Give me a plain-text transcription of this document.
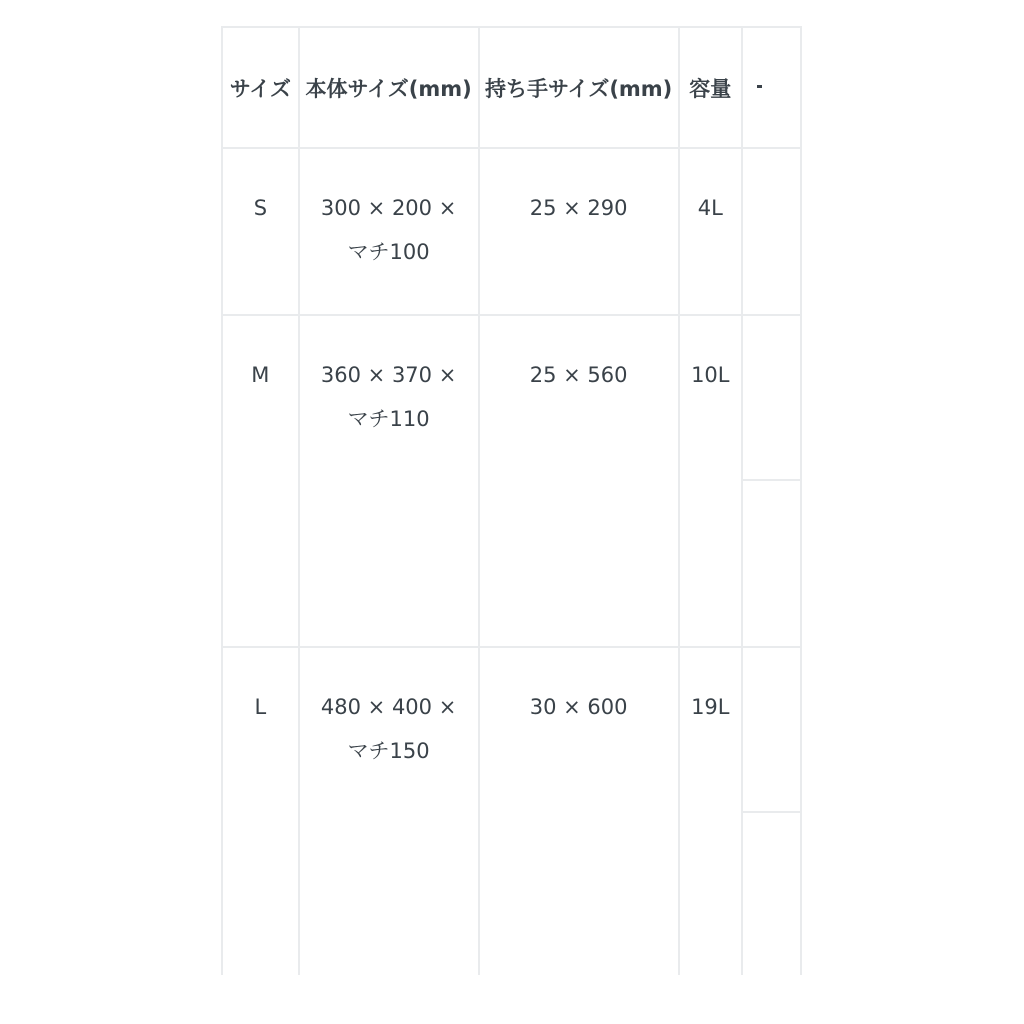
サイズ	本体サイズ(mm)	持ち手サイズ(mm)	容量	

S	300 × 200 × マチ100	25 × 290	4L	

M	360 × 370 × マチ110	25 × 560	10L	

L	480 × 400 × マチ150	30 × 600	19L	
